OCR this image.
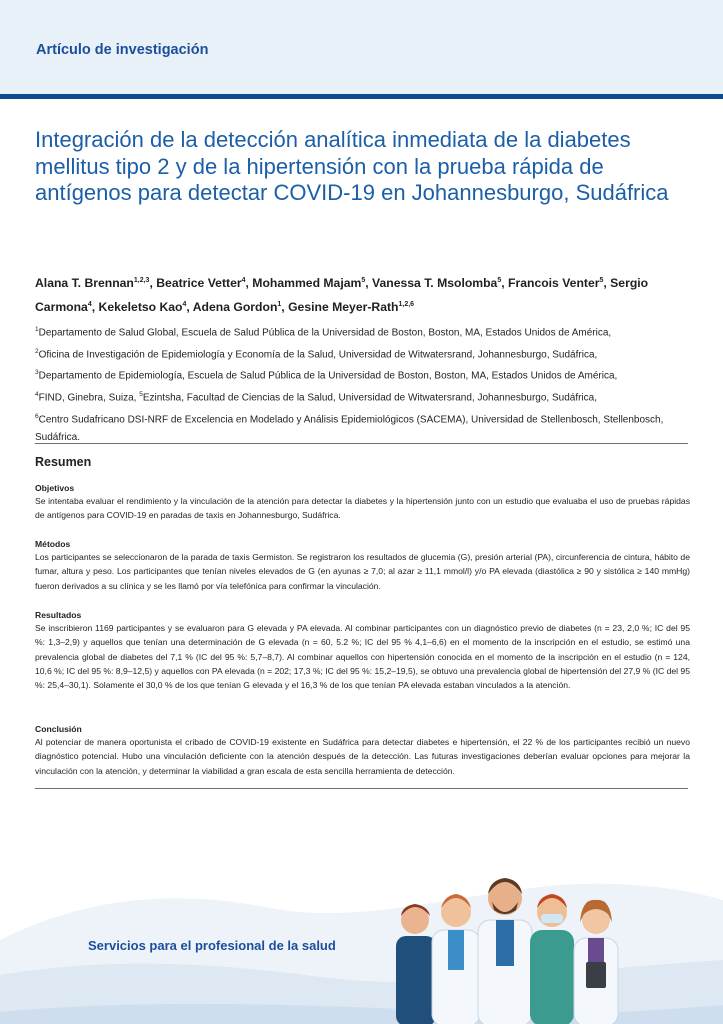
Artículo de investigación
Integración de la detección analítica inmediata de la diabetes mellitus tipo 2 y de la hipertensión con la prueba rápida de antígenos para detectar COVID-19 en Johannesburgo, Sudáfrica
Alana T. Brennan$^{1,2,3}$, Beatrice Vetter$^4$, Mohammed Majam$^5$, Vanessa T. Msolomba$^5$, Francois Venter$^5$, Sergio Carmona$^4$, Kekeletso Kao$^4$, Adena Gordon$^1$, Gesine Meyer-Rath$^{1,2,6}$
$^1$Departamento de Salud Global, Escuela de Salud Pública de la Universidad de Boston, Boston, MA, Estados Unidos de América,
$^2$Oficina de Investigación de Epidemiología y Economía de la Salud, Universidad de Witwatersrand, Johannesburgo, Sudáfrica,
$^3$Departamento de Epidemiología, Escuela de Salud Pública de la Universidad de Boston, Boston, MA, Estados Unidos de América,
$^4$FIND, Ginebra, Suiza, $^5$Ezintsha, Facultad de Ciencias de la Salud, Universidad de Witwatersrand, Johannesburgo, Sudáfrica,
$^6$Centro Sudafricano DSI-NRF de Excelencia en Modelado y Análisis Epidemiológicos (SACEMA), Universidad de Stellenbosch, Stellenbosch, Sudáfrica.
Resumen

Objetivos

Se intentaba evaluar el rendimiento y la vinculación de la atención para detectar la diabetes y la hipertensión junto con un estudio que evaluaba el uso de pruebas rápidas de antígenos para COVID-19 en paradas de taxis en Johannesburgo, Sudáfrica.

Métodos

Los participantes se seleccionaron de la parada de taxis Germiston. Se registraron los resultados de glucemia (G), presión arterial (PA), circunferencia de cintura, hábito de fumar, altura y peso. Los participantes que tenían niveles elevados de G (en ayunas ≥ 7,0; al azar ≥ 11,1 mmol/l) y/o PA elevada (diastólica ≥ 90 y sistólica ≥ 140 mmHg) fueron derivados a su clínica y se les llamó por vía telefónica para confirmar la vinculación.

Resultados

Se inscribieron 1169 participantes y se evaluaron para G elevada y PA elevada. Al combinar participantes con un diagnóstico previo de diabetes (n = 23, 2,0 %; IC del 95 %: 1,3–2,9) y aquellos que tenían una determinación de G elevada (n = 60, 5.2 %; IC del 95 % 4,1–6,6) en el momento de la inscripción en el estudio, se estimó una prevalencia global de diabetes del 7,1 % (IC del 95 %: 5,7–8,7). Al combinar aquellos con hipertensión conocida en el momento de la inscripción en el estudio (n = 124, 10,6 %; IC del 95 %: 8,9–12,5) y aquellos con PA elevada (n = 202; 17,3 %; IC del 95 %: 15,2–19,5), se obtuvo una prevalencia global de hipertensión del 27,9 % (IC del 95 %: 25,4–30,1). Solamente el 30,0 % de los que tenían G elevada y el 16,3 % de los que tenían PA elevada estaban vinculados a la atención.

Conclusión

Al potenciar de manera oportunista el cribado de COVID-19 existente en Sudáfrica para detectar diabetes e hipertensión, el 22 % de los participantes recibió un nuevo diagnóstico potencial. Hubo una vinculación deficiente con la atención después de la detección. Las futuras investigaciones deberían evaluar opciones para mejorar la vinculación con la atención, y determinar la viabilidad a gran escala de esta sencilla herramienta de detección.

Servicios para el profesional de la salud
